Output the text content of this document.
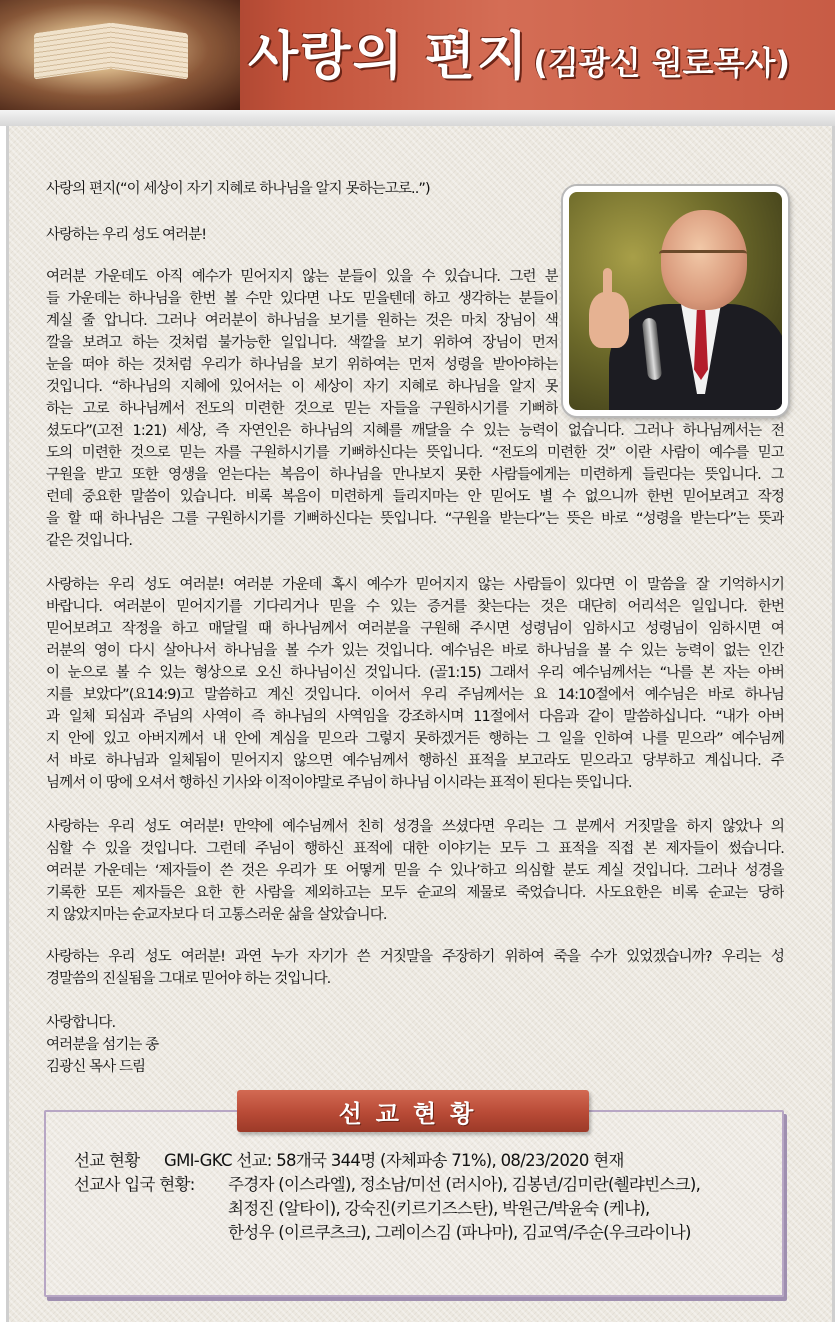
사랑의 편지 (김광신 원로목사)
사랑의 편지(“이 세상이 자기 지혜로 하나님을 알지 못하는고로..”)
사랑하는 우리 성도 여러분!
여러분 가운데도 아직 예수가 믿어지지 않는 분들이 있을 수 있습니다. 그런 분
들 가운데는 하나님을 한번 볼 수만 있다면 나도 믿을텐데 하고 생각하는 분들이
계실 줄 압니다. 그러나 여러분이 하나님을 보기를 원하는 것은 마치 장님이 색
깔을 보려고 하는 것처럼 불가능한 일입니다. 색깔을 보기 위하여 장님이 먼저
눈을 떠야 하는 것처럼 우리가 하나님을 보기 위하여는 먼저 성령을 받아야하는
것입니다. “하나님의 지혜에 있어서는 이 세상이 자기 지혜로 하나님을 알지 못
하는 고로 하나님께서 전도의 미련한 것으로 믿는 자들을 구원하시기를 기뻐하
셨도다”(고전 1:21) 세상, 즉 자연인은 하나님의 지혜를 깨달을 수 있는 능력이 없습니다. 그러나 하나님께서는 전
도의 미련한 것으로 믿는 자를 구원하시기를 기뻐하신다는 뜻입니다. “전도의 미련한 것” 이란 사람이 예수를 믿고
구원을 받고 또한 영생을 얻는다는 복음이 하나님을 만나보지 못한 사람들에게는 미련하게 들린다는 뜻입니다. 그
런데 중요한 말씀이 있습니다. 비록 복음이 미련하게 들리지마는 안 믿어도 별 수 없으니까 한번 믿어보려고 작정
을 할 때 하나님은 그를 구원하시기를 기뻐하신다는 뜻입니다. “구원을 받는다”는 뜻은 바로 “성령을 받는다”는 뜻과
같은 것입니다.
사랑하는 우리 성도 여러분! 여러분 가운데 혹시 예수가 믿어지지 않는 사람들이 있다면 이 말씀을 잘 기억하시기
바랍니다. 여러분이 믿어지기를 기다리거나 믿을 수 있는 증거를 찾는다는 것은 대단히 어리석은 일입니다. 한번
믿어보려고 작정을 하고 매달릴 때 하나님께서 여러분을 구원해 주시면 성령님이 임하시고 성령님이 임하시면 여
러분의 영이 다시 살아나서 하나님을 볼 수가 있는 것입니다. 예수님은 바로 하나님을 볼 수 있는 능력이 없는 인간
이 눈으로 볼 수 있는 형상으로 오신 하나님이신 것입니다. (골1:15) 그래서 우리 예수님께서는 “나를 본 자는 아버
지를 보았다”(요14:9)고 말씀하고 계신 것입니다. 이어서 우리 주님께서는 요 14:10절에서 예수님은 바로 하나님
과 일체 되심과 주님의 사역이 즉 하나님의 사역임을 강조하시며 11절에서 다음과 같이 말씀하십니다. “내가 아버
지 안에 있고 아버지께서 내 안에 계심을 믿으라 그렇지 못하겠거든 행하는 그 일을 인하여 나를 믿으라” 예수님께
서 바로 하나님과 일체됨이 믿어지지 않으면 예수님께서 행하신 표적을 보고라도 믿으라고 당부하고 계십니다. 주
님께서 이 땅에 오셔서 행하신 기사와 이적이야말로 주님이 하나님 이시라는 표적이 된다는 뜻입니다.
사랑하는 우리 성도 여러분! 만약에 예수님께서 친히 성경을 쓰셨다면 우리는 그 분께서 거짓말을 하지 않았나 의
심할 수 있을 것입니다. 그런데 주님이 행하신 표적에 대한 이야기는 모두 그 표적을 직접 본 제자들이 썼습니다.
여러분 가운데는 ‘제자들이 쓴 것은 우리가 또 어떻게 믿을 수 있나’하고 의심할 분도 계실 것입니다. 그러나 성경을
기록한 모든 제자들은 요한 한 사람을 제외하고는 모두 순교의 제물로 죽었습니다. 사도요한은 비록 순교는 당하
지 않았지마는 순교자보다 더 고통스러운 삶을 살았습니다.
사랑하는 우리 성도 여러분! 과연 누가 자기가 쓴 거짓말을 주장하기 위하여 죽을 수가 있었겠습니까? 우리는 성
경말씀의 진실됨을 그대로 믿어야 하는 것입니다.
사랑합니다.
여러분을 섬기는 종
김광신 목사 드림
선교현황
선교 현황 GMI-GKC 선교: 58개국 344명 (자체파송 71%), 08/23/2020 현재
선교사 입국 현황: 주경자 (이스라엘), 정소남/미선 (러시아), 김봉년/김미란(췔랴빈스크),
최정진 (알타이), 강숙진(키르기즈스탄), 박원근/박윤숙 (케냐),
한성우 (이르쿠츠크), 그레이스김 (파나마), 김교역/주순(우크라이나)
